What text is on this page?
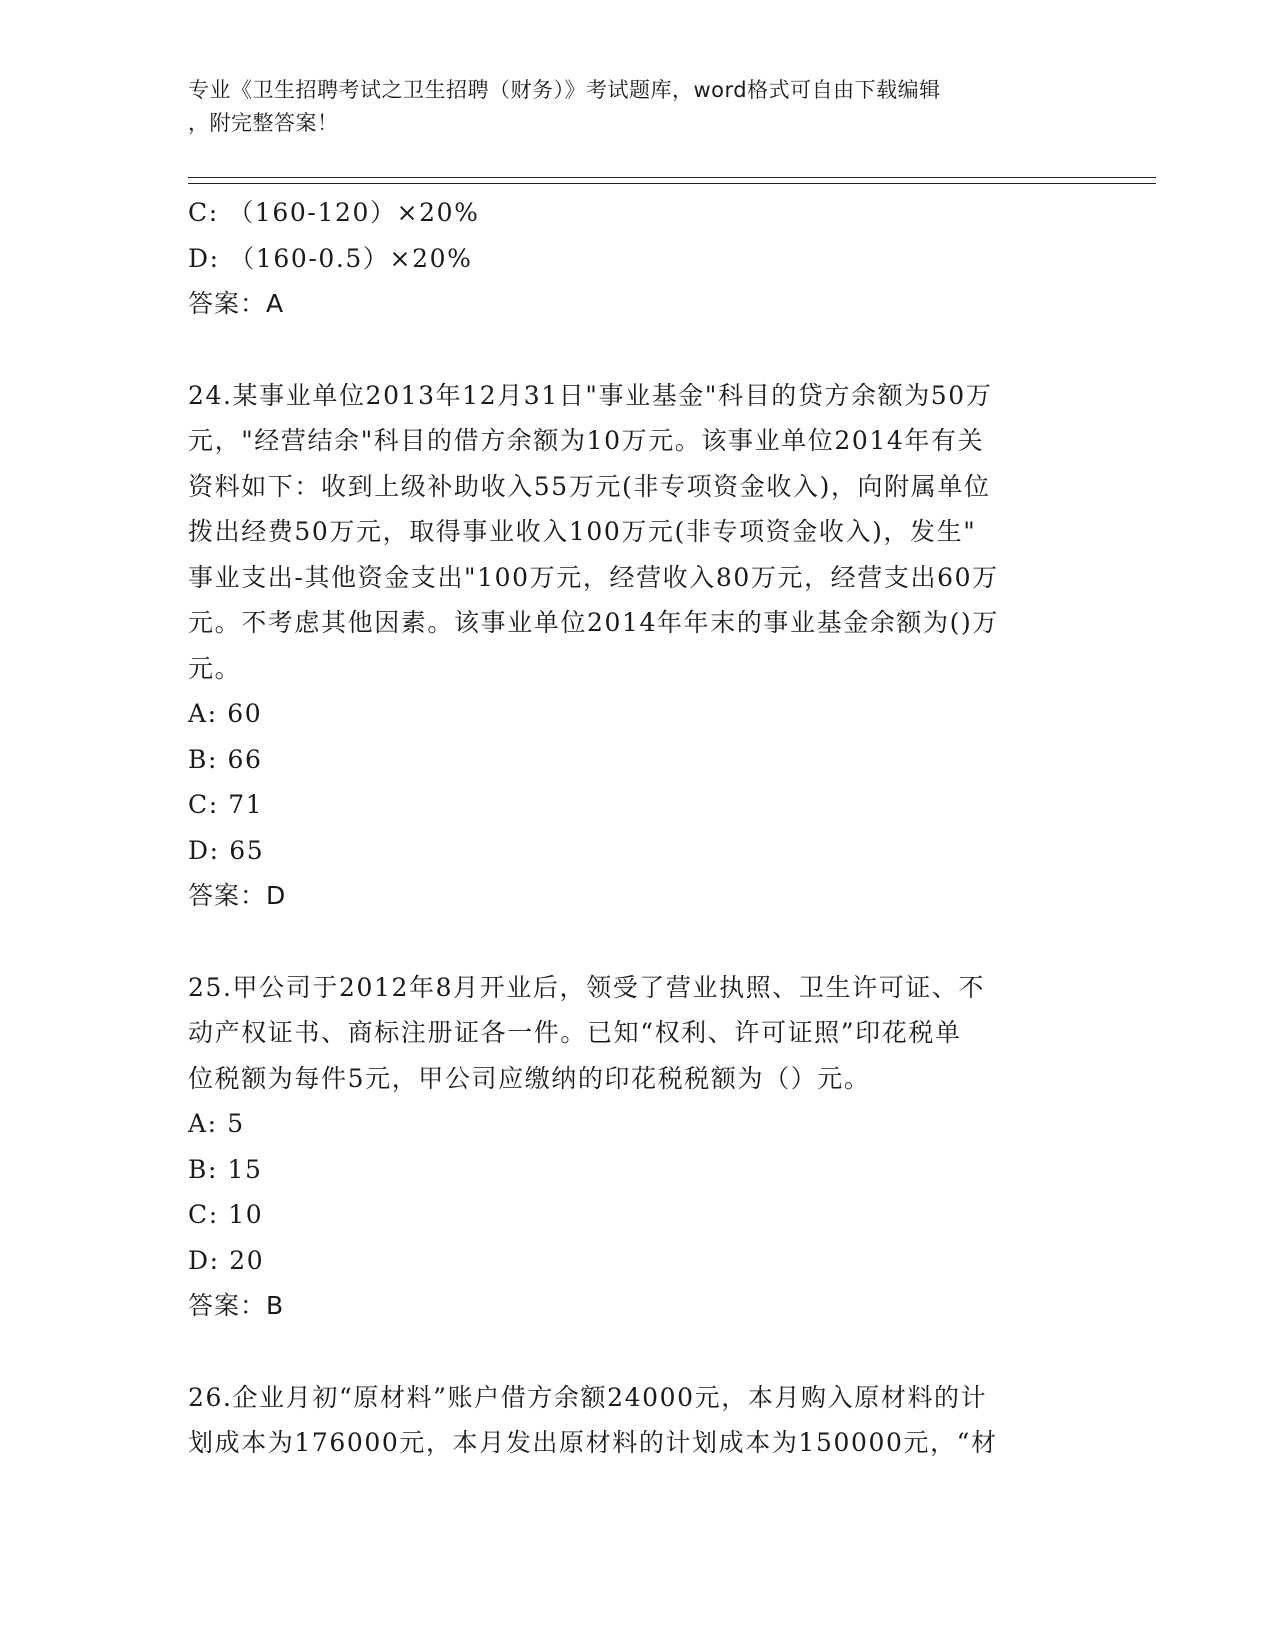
专业《卫生招聘考试之卫生招聘（财务）》考试题库，word格式可自由下载编辑
，附完整答案！
C: （160-120）×20%
D: （160-0.5）×20%
答案：A
24.某事业单位2013年12月31日"事业基金"科目的贷方余额为50万
元，"经营结余"科目的借方余额为10万元。该事业单位2014年有关
资料如下：收到上级补助收入55万元(非专项资金收入)，向附属单位
拨出经费50万元，取得事业收入100万元(非专项资金收入)，发生"
事业支出-其他资金支出"100万元，经营收入80万元，经营支出60万
元。不考虑其他因素。该事业单位2014年年末的事业基金余额为()万
元。
A: 60
B: 66
C: 71
D: 65
答案：D
25.甲公司于2012年8月开业后，领受了营业执照、卫生许可证、不
动产权证书、商标注册证各一件。已知“权利、许可证照”印花税单
位税额为每件5元，甲公司应缴纳的印花税税额为（）元。
A: 5
B: 15
C: 10
D: 20
答案：B
26.企业月初“原材料”账户借方余额24000元，本月购入原材料的计
划成本为176000元，本月发出原材料的计划成本为150000元，“材
